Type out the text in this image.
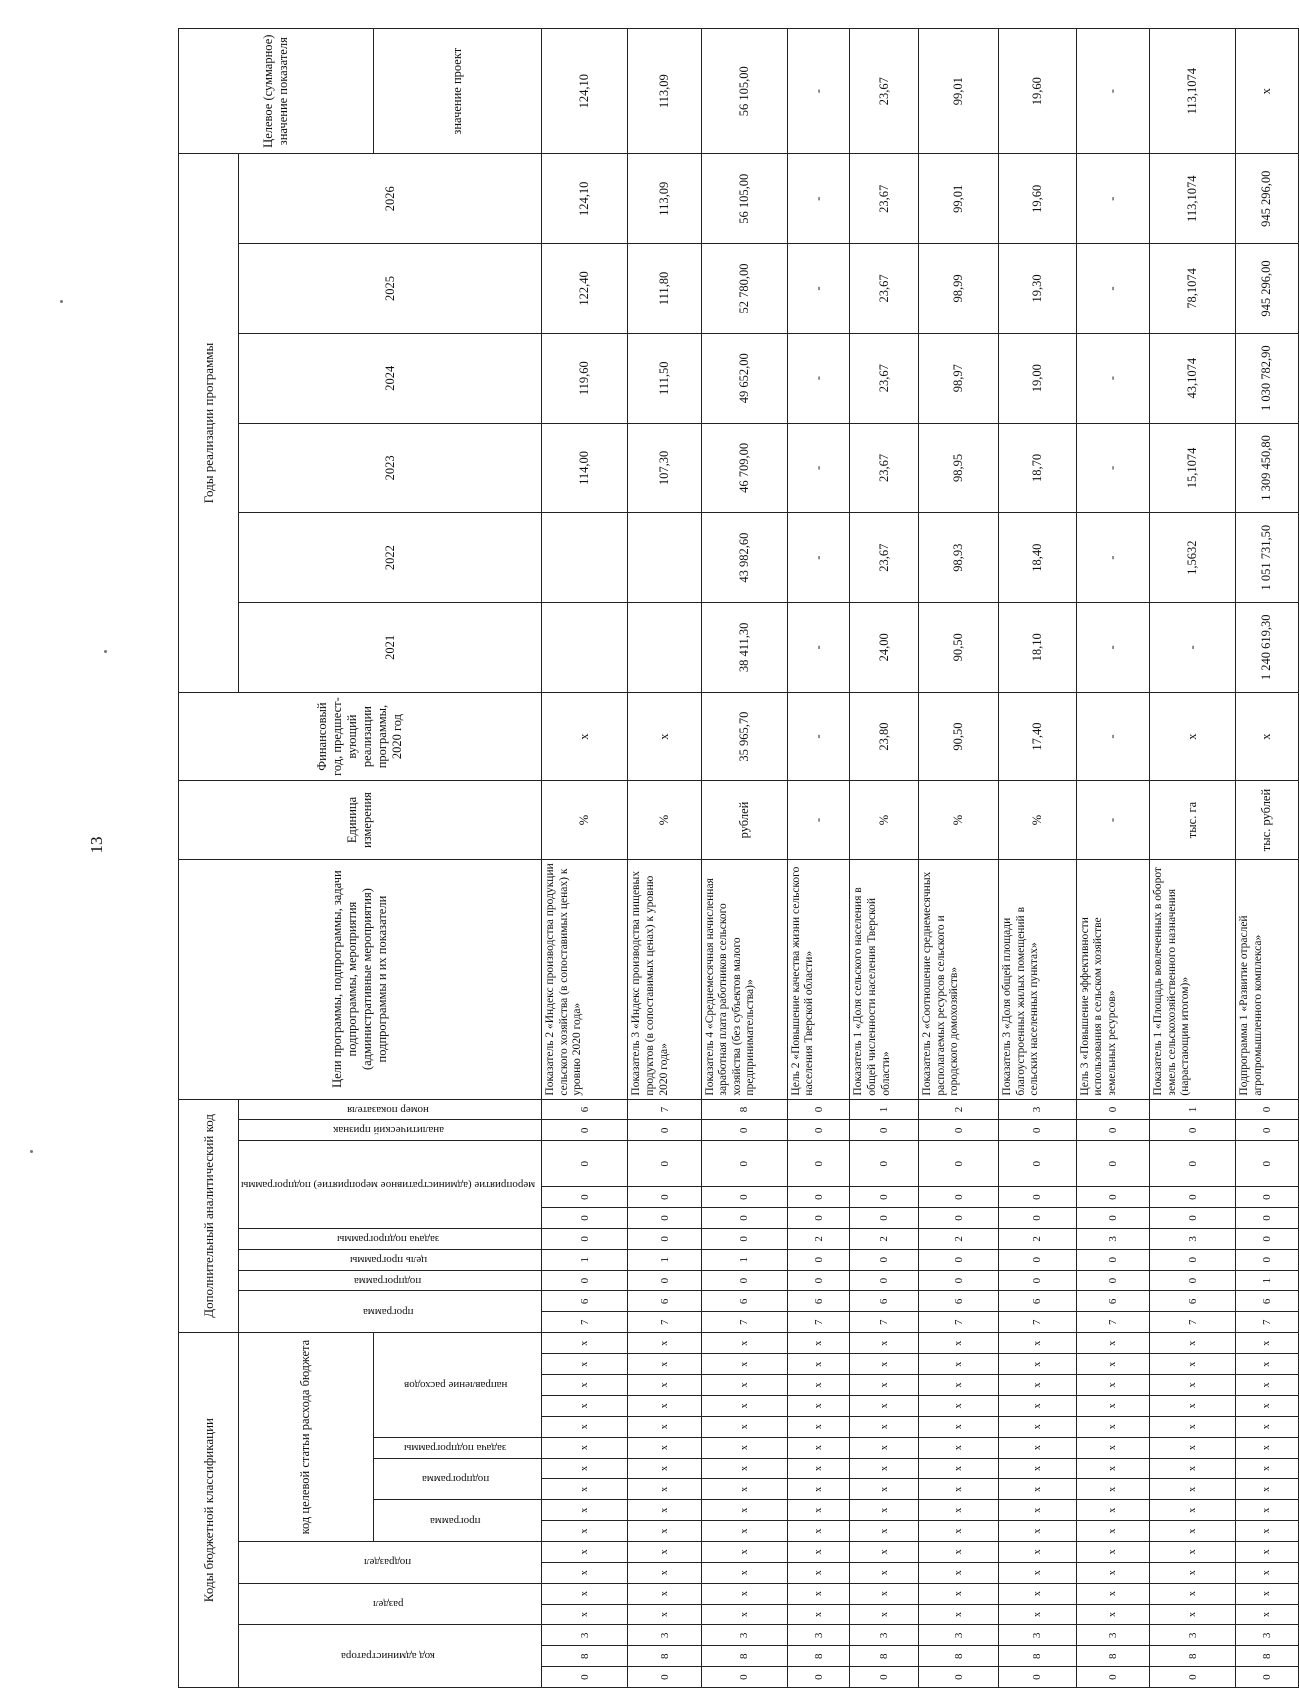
13
Коды бюджетной классификации																	Дополнительный аналитический код										Цели программы, подпрограммы, задачи подпрограммы, мероприятия (административные мероприятия) подпрограммы и их показатели	Единица измерения	Финансовый год, предшест-вующий реализации программы, 2020 год	Годы реализации программы						Целевое (суммарное) значение показателя
код администратора			раздел		подраздел		код целевой статьи расхода бюджета										программа		подпрограмма	цель программы	задача подпрограммы	мероприятие (административное мероприятие) подпрограммы			аналитический признак	номер показателя				2021	2022	2023	2024	2025	2026	
							программа		подпрограмма		задача подпрограммы	направление расходов																								значение проект
0	8	3	x	x	x	x	x	x	x	x	x	x	x	x	x	x	7	6	0	1	0	0	0	0	0	6	Показатель 2 «Индекс производства продукции сельского хозяйства (в сопоставимых ценах) к уровню 2020 года»	%	x			114,00	119,60	122,40	124,10	124,10
0	8	3	x	x	x	x	x	x	x	x	x	x	x	x	x	x	7	6	0	1	0	0	0	0	0	7	Показатель 3 «Индекс производства пищевых продуктов (в сопоставимых ценах) к уровню 2020 года»	%	x			107,30	111,50	111,80	113,09	113,09
0	8	3	x	x	x	x	x	x	x	x	x	x	x	x	x	x	7	6	0	1	0	0	0	0	0	8	Показатель 4 «Среднемесячная начисленная заработная плата работников сельского хозяйства (без субъектов малого предпринимательства)»	рублей	35 965,70	38 411,30	43 982,60	46 709,00	49 652,00	52 780,00	56 105,00	56 105,00
0	8	3	x	x	x	x	x	x	x	x	x	x	x	x	x	x	7	6	0	0	2	0	0	0	0	0	Цель 2 «Повышение качества жизни сельского населения Тверской области»	-	-	-	-	-	-	-	-	-
0	8	3	x	x	x	x	x	x	x	x	x	x	x	x	x	x	7	6	0	0	2	0	0	0	0	1	Показатель 1 «Доля сельского населения в общей численности населения Тверской области»	%	23,80	24,00	23,67	23,67	23,67	23,67	23,67	23,67
0	8	3	x	x	x	x	x	x	x	x	x	x	x	x	x	x	7	6	0	0	2	0	0	0	0	2	Показатель 2 «Соотношение среднемесячных располагаемых ресурсов сельского и городского домохозяйств»	%	90,50	90,50	98,93	98,95	98,97	98,99	99,01	99,01
0	8	3	x	x	x	x	x	x	x	x	x	x	x	x	x	x	7	6	0	0	2	0	0	0	0	3	Показатель 3 «Доля общей площади благоустроенных жилых помещений в сельских населенных пунктах»	%	17,40	18,10	18,40	18,70	19,00	19,30	19,60	19,60
0	8	3	x	x	x	x	x	x	x	x	x	x	x	x	x	x	7	6	0	0	3	0	0	0	0	0	Цель 3 «Повышение эффективности использования в сельском хозяйстве земельных ресурсов»	-	-	-	-	-	-	-	-	-
0	8	3	x	x	x	x	x	x	x	x	x	x	x	x	x	x	7	6	0	0	3	0	0	0	0	1	Показатель 1 «Площадь вовлеченных в оборот земель сельскохозяйственного назначения (нарастающим итогом)»	тыс. га	x	-	1,5632	15,1074	43,1074	78,1074	113,1074	113,1074
0	8	3	x	x	x	x	x	x	x	x	x	x	x	x	x	x	7	6	1	0	0	0	0	0	0	0	Подпрограмма 1 «Развитие отраслей агропромышленного комплекса»	тыс. рублей	x	1 240 619,30	1 051 731,50	1 309 450,80	1 030 782,90	945 296,00	945 296,00	x
